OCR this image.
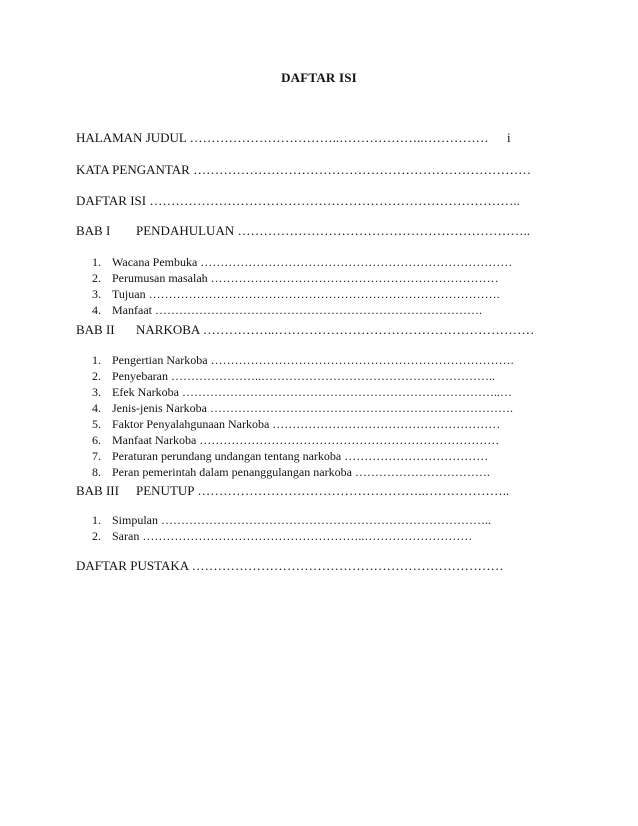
DAFTAR ISI
HALAMAN JUDUL ……………………………..………………..…………… i
KATA PENGANTAR ……………………………………………………………………
DAFTAR ISI …………………………………………………………………………..
BAB I PENDAHULUAN …………………………………………………………..
1. Wacana Pembuka ……………………………………………………………………
2. Perumusan masalah ………………………………………………………………
3. Tujuan …………………………………………………………………………….
4. Manfaat ……………………………………………………………………….
BAB II NARKOBA ……………..……………………………………………………
1. Pengertian Narkoba ………………………………………………………………….
2. Penyebaran …………………..…………………………………………………..
3. Efek Narkoba ……………………………………………………………………..…
4. Jenis-jenis Narkoba ………………………………………………………………….
5. Faktor Penyalahgunaan Narkoba …………………………………………………
6. Manfaat Narkoba …………………………………………………………………
7. Peraturan perundang undangan tentang narkoba ………………………………
8. Peran pemerintah dalam penanggulangan narkoba …………………………….
BAB III PENUTUP ……………………………………………..………………..
1. Simpulan ………………………………………………………………………..
2. Saran ………………………………………………..………………………
DAFTAR PUSTAKA ………………………………………………………………
